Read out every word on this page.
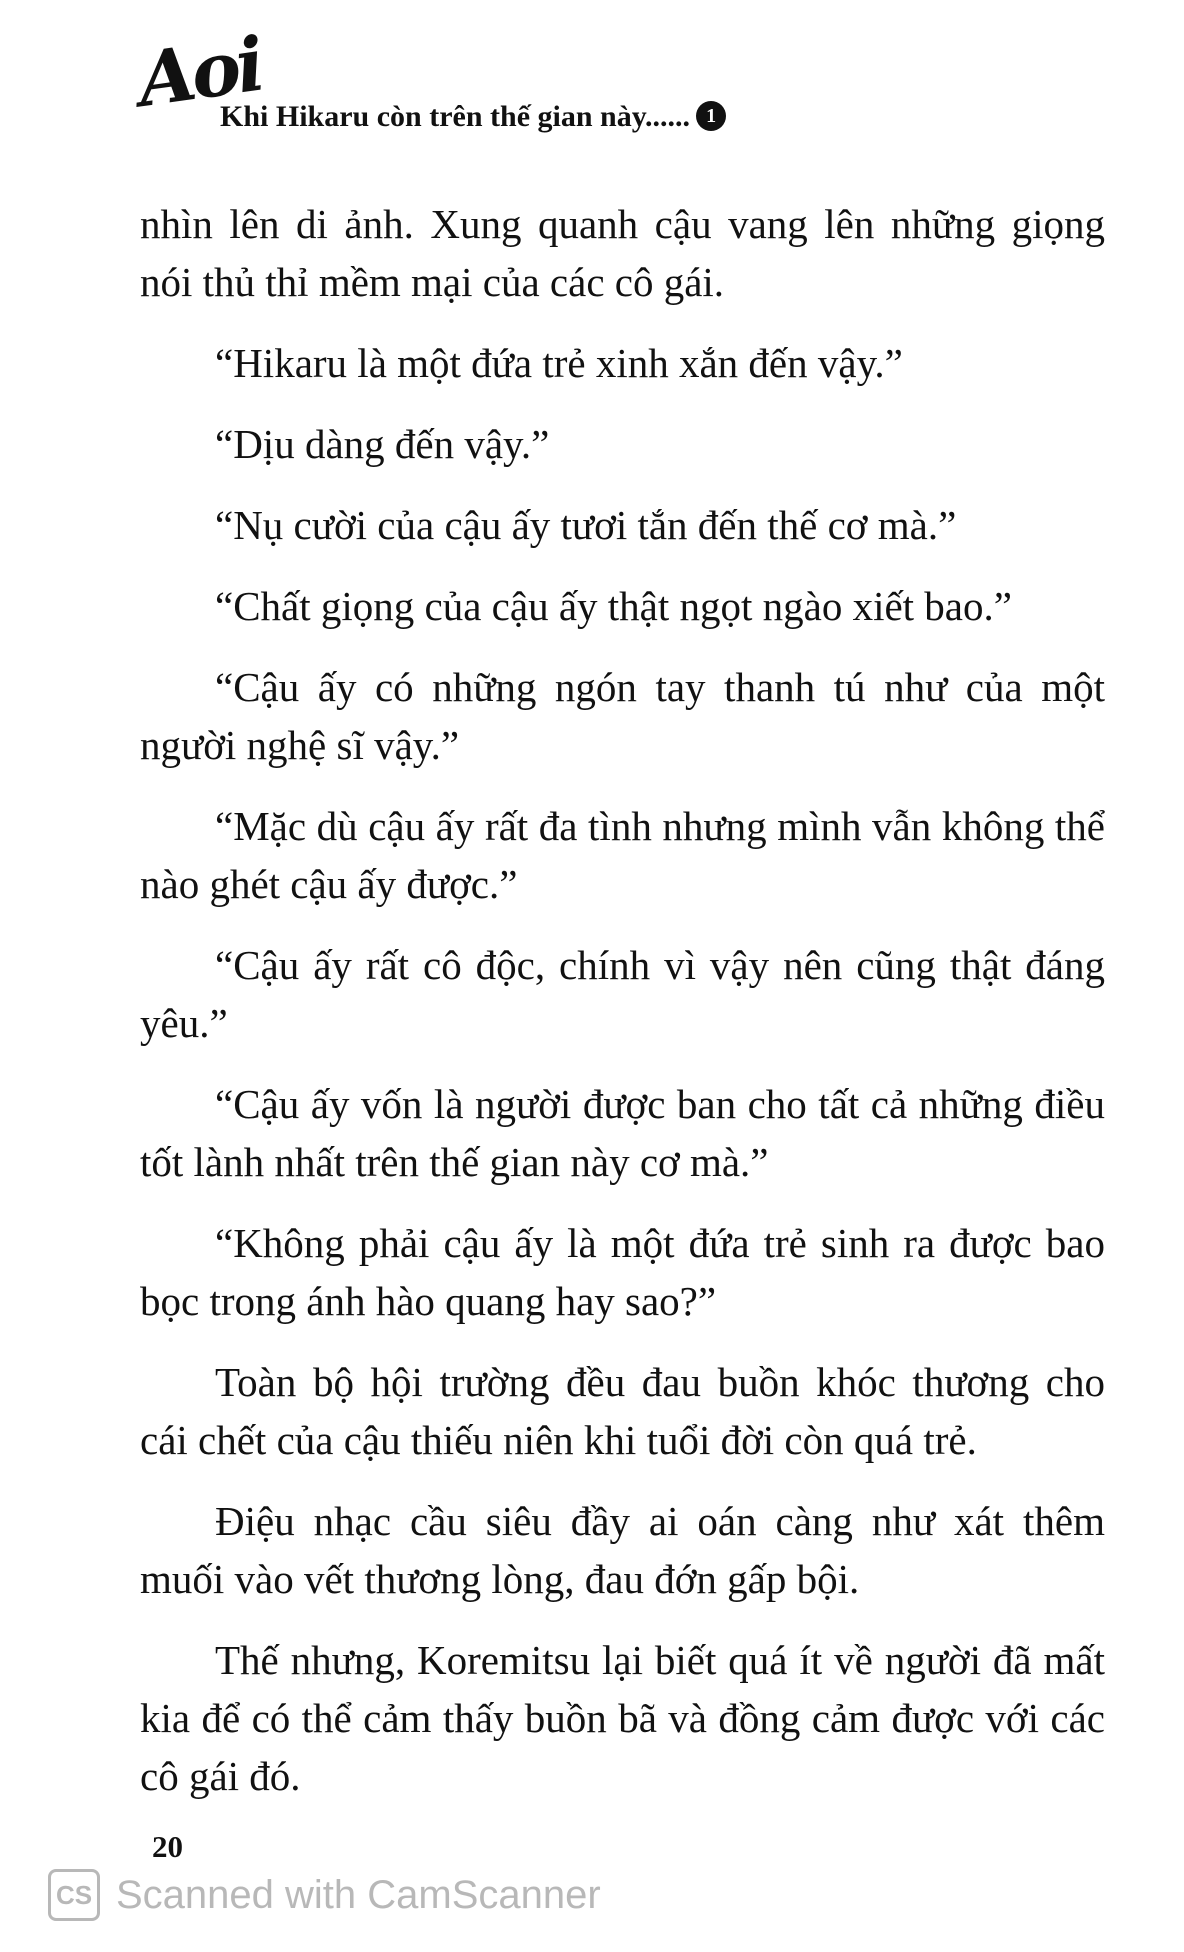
Aoi
Khi Hikaru còn trên thế gian này...... 1

nhìn lên di ảnh. Xung quanh cậu vang lên những giọng nói thủ thỉ mềm mại của các cô gái.

“Hikaru là một đứa trẻ xinh xắn đến vậy.”

“Dịu dàng đến vậy.”

“Nụ cười của cậu ấy tươi tắn đến thế cơ mà.”

“Chất giọng của cậu ấy thật ngọt ngào xiết bao.”

“Cậu ấy có những ngón tay thanh tú như của một người nghệ sĩ vậy.”

“Mặc dù cậu ấy rất đa tình nhưng mình vẫn không thể nào ghét cậu ấy được.”

“Cậu ấy rất cô độc, chính vì vậy nên cũng thật đáng yêu.”

“Cậu ấy vốn là người được ban cho tất cả những điều tốt lành nhất trên thế gian này cơ mà.”

“Không phải cậu ấy là một đứa trẻ sinh ra được bao bọc trong ánh hào quang hay sao?”

Toàn bộ hội trường đều đau buồn khóc thương cho cái chết của cậu thiếu niên khi tuổi đời còn quá trẻ.

Điệu nhạc cầu siêu đầy ai oán càng như xát thêm muối vào vết thương lòng, đau đớn gấp bội.

Thế nhưng, Koremitsu lại biết quá ít về người đã mất kia để có thể cảm thấy buồn bã và đồng cảm được với các cô gái đó.

20
CS Scanned with CamScanner
